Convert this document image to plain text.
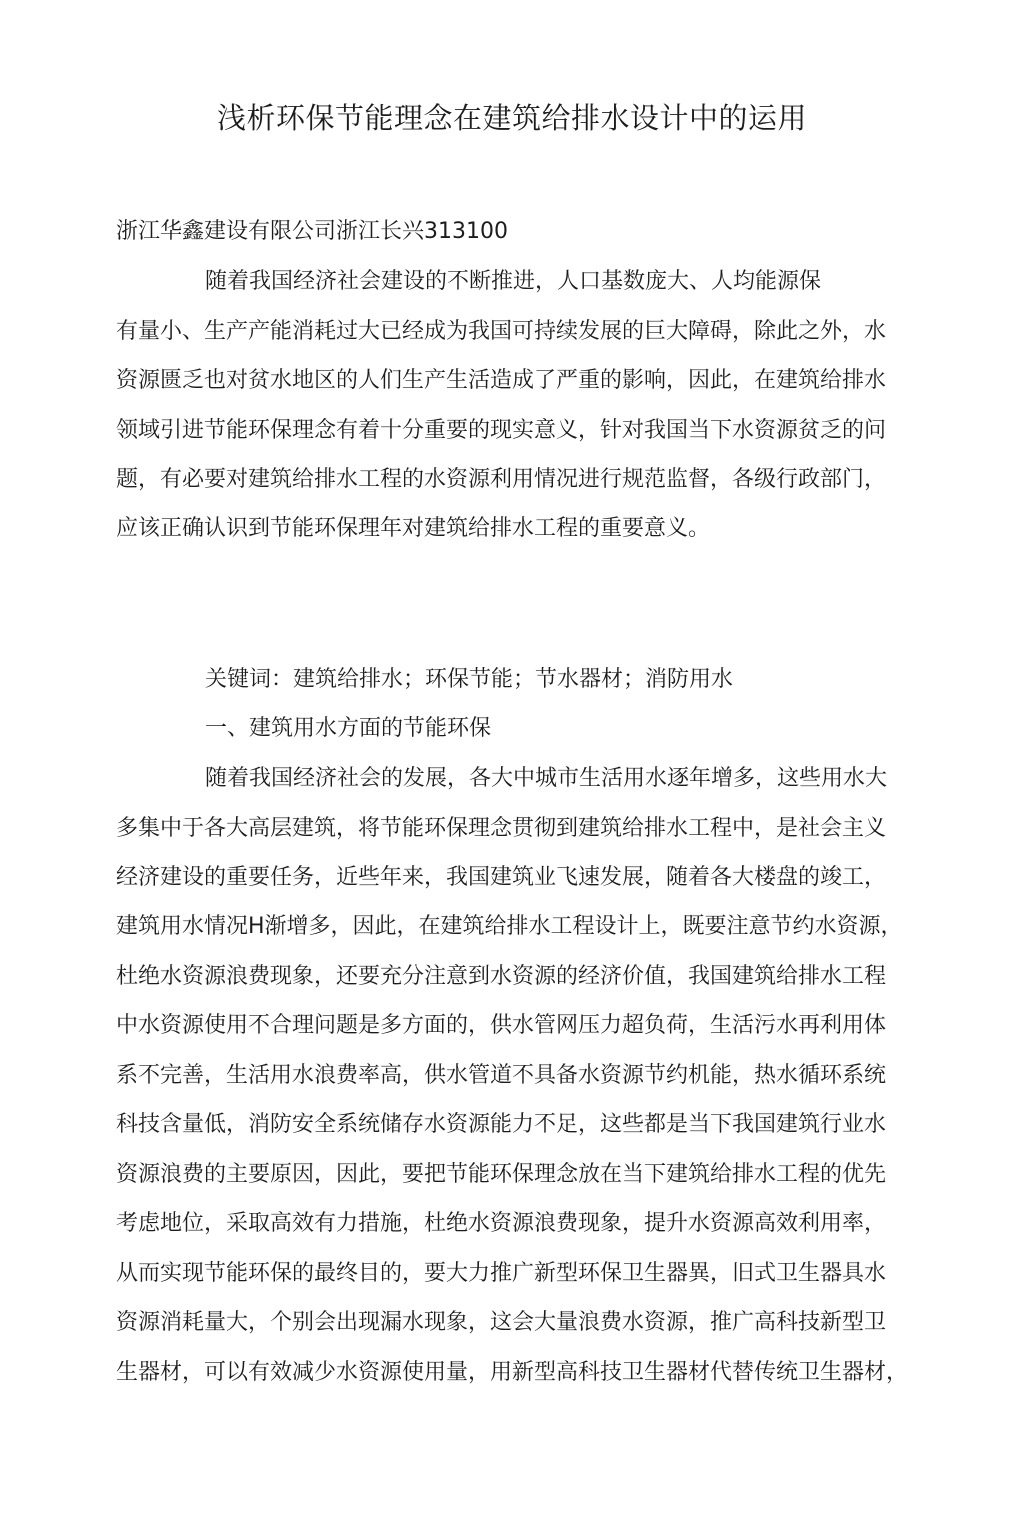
浅析环保节能理念在建筑给排水设计中的运用
浙江华鑫建设有限公司浙江长兴313100
随着我国经济社会建设的不断推进，人口基数庞大、人均能源保
有量小、生产产能消耗过大已经成为我国可持续发展的巨大障碍，除此之外，水
资源匮乏也对贫水地区的人们生产生活造成了严重的影响，因此，在建筑给排水
领域引进节能环保理念有着十分重要的现实意义，针对我国当下水资源贫乏的问
题，有必要对建筑给排水工程的水资源利用情况进行规范监督，各级行政部门，
应该正确认识到节能环保理年对建筑给排水工程的重要意义。
关键词：建筑给排水；环保节能；节水器材；消防用水
一、建筑用水方面的节能环保
随着我国经济社会的发展，各大中城市生活用水逐年增多，这些用水大
多集中于各大高层建筑，将节能环保理念贯彻到建筑给排水工程中，是社会主义
经济建设的重要任务，近些年来，我国建筑业飞速发展，随着各大楼盘的竣工，
建筑用水情况H渐增多，因此，在建筑给排水工程设计上，既要注意节约水资源，
杜绝水资源浪费现象，还要充分注意到水资源的经济价值，我国建筑给排水工程
中水资源使用不合理问题是多方面的，供水管网压力超负荷，生活污水再利用体
系不完善，生活用水浪费率高，供水管道不具备水资源节约机能，热水循环系统
科技含量低，消防安全系统储存水资源能力不足，这些都是当下我国建筑行业水
资源浪费的主要原因，因此，要把节能环保理念放在当下建筑给排水工程的优先
考虑地位，采取高效有力措施，杜绝水资源浪费现象，提升水资源高效利用率，
从而实现节能环保的最终目的，要大力推广新型环保卫生器異，旧式卫生器具水
资源消耗量大，个别会出现漏水现象，这会大量浪费水资源，推广高科技新型卫
生器材，可以有效减少水资源使用量，用新型高科技卫生器材代替传统卫生器材，
